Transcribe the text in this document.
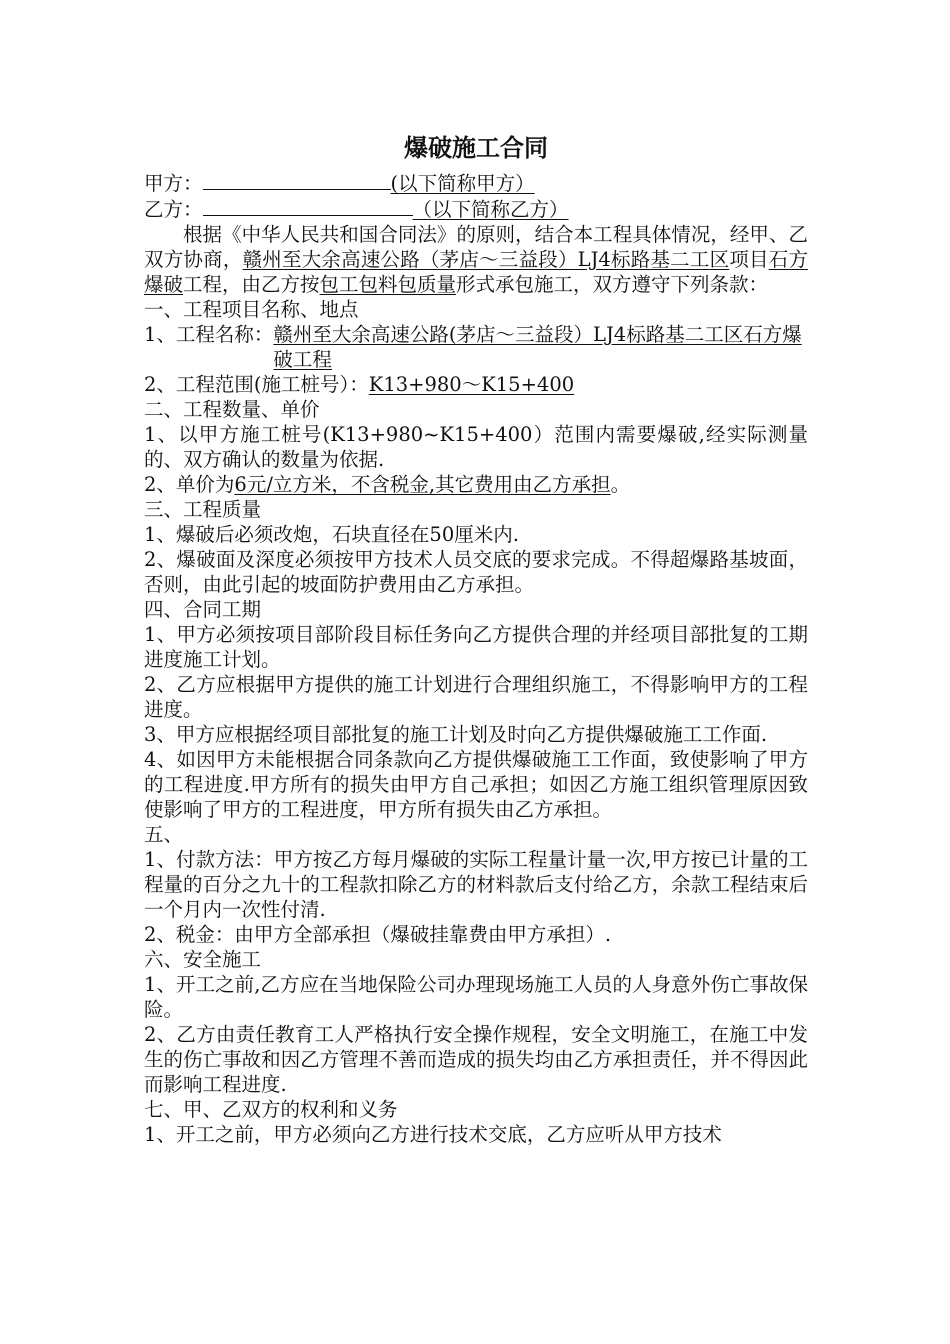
爆破施工合同

甲方：	(以下简称甲方）

乙方：	（以下简称乙方）

根据《中华人民共和国合同法》的原则，结合本工程具体情况，经甲、乙双方协商，赣州至大余高速公路（茅店～三益段）LJ4标路基二工区项目石方爆破工程，由乙方按包工包料包质量形式承包施工，双方遵守下列条款：

一、工程项目名称、地点

1、工程名称： 赣州至大余高速公路(茅店～三益段）LJ4标路基二工区石方爆破工程

2、工程范围(施工桩号）：K13+980～K15+400

二、工程数量、单价

1、以甲方施工桩号(K13+980~K15+400）范围内需要爆破,经实际测量的、双方确认的数量为依据.

2、单价为6元/立方米，不含税金,其它费用由乙方承担。

三、工程质量

1、爆破后必须改炮，石块直径在50厘米内.

2、爆破面及深度必须按甲方技术人员交底的要求完成。不得超爆路基坡面，否则，由此引起的坡面防护费用由乙方承担。

四、合同工期

1、甲方必须按项目部阶段目标任务向乙方提供合理的并经项目部批复的工期进度施工计划。

2、乙方应根据甲方提供的施工计划进行合理组织施工，不得影响甲方的工程进度。

3、甲方应根据经项目部批复的施工计划及时向乙方提供爆破施工工作面.

4、如因甲方未能根据合同条款向乙方提供爆破施工工作面，致使影响了甲方的工程进度.甲方所有的损失由甲方自己承担；如因乙方施工组织管理原因致使影响了甲方的工程进度，甲方所有损失由乙方承担。

五、

1、付款方法：甲方按乙方每月爆破的实际工程量计量一次,甲方按已计量的工程量的百分之九十的工程款扣除乙方的材料款后支付给乙方，余款工程结束后一个月内一次性付清.

2、税金：由甲方全部承担（爆破挂靠费由甲方承担）.

六、安全施工

1、开工之前,乙方应在当地保险公司办理现场施工人员的人身意外伤亡事故保险。

2、乙方由责任教育工人严格执行安全操作规程，安全文明施工，在施工中发生的伤亡事故和因乙方管理不善而造成的损失均由乙方承担责任，并不得因此而影响工程进度.

七、甲、乙双方的权利和义务

1、开工之前，甲方必须向乙方进行技术交底，乙方应听从甲方技术
